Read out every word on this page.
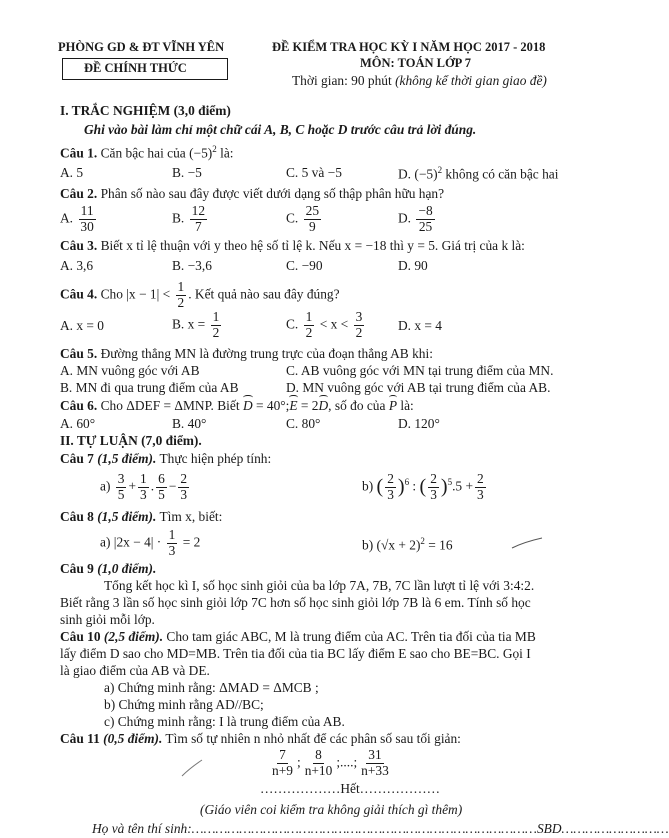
PHÒNG GD & ĐT VĨNH YÊN
ĐỀ CHÍNH THỨC
ĐỀ KIỂM TRA HỌC KỲ I NĂM HỌC 2017 - 2018
MÔN: TOÁN LỚP 7
Thời gian: 90 phút (không kể thời gian giao đề)
I. TRẮC NGHIỆM (3,0 điểm)
Ghi vào bài làm chỉ một chữ cái A, B, C hoặc D trước câu trả lời đúng.
Câu 1. Căn bậc hai của $(-5)^2$ là:
A. 5	B. −5	C. 5 và −5	D. $(-5)^2$ không có căn bậc hai
Câu 2. Phân số nào sau đây được viết dưới dạng số thập phân hữu hạn?
A. $\frac{11}{30}$	B. $\frac{12}{7}$	C. $\frac{25}{9}$	D. $\frac{-8}{25}$
Câu 3. Biết x tỉ lệ thuận với y theo hệ số tỉ lệ k. Nếu x = −18 thì y = 5. Giá trị của k là:
A. 3,6	B. −3,6	C. −90	D. 90
Câu 4. Cho $|x - 1| < \frac{1}{2}$ . Kết quả nào sau đây đúng?
A. x = 0	B. $x = \frac{1}{2}$	C. $\frac{1}{2} < x < \frac{3}{2}$	D. x = 4
Câu 5. Đường thẳng MN là đường trung trực của đoạn thẳng AB khi:
A. MN vuông góc với AB	C. AB vuông góc với MN tại trung điểm của MN.
B. MN đi qua trung điểm của AB	D. MN vuông góc với AB tại trung điểm của AB.
Câu 6. Cho ΔDEF = ΔMNP. Biết D = 40°;E = 2D, số đo của P là:
A. 60°	B. 40°	C. 80°	D. 120°
II. TỰ LUẬN (7,0 điểm).
Câu 7 (1,5 điểm). Thực hiện phép tính:
$a) \frac{3}{5} + \frac{1}{3}$ . $\frac{6}{5} - \frac{2}{3}$	b) ( $\frac{2}{3} )^6$ : ( $\frac{2}{3} )^5.5 + \frac{2}{3}$
Câu 8 (1,5 điểm). Tìm x, biết:
a) $|2x - 4| \cdot \frac{1}{3} = 2$	b) $(√x + 2)^2 = 16$
Câu 9 (1,0 điểm).
Tổng kết học kì I, số học sinh giỏi của ba lớp 7A, 7B, 7C lần lượt tỉ lệ với 3:4:2.
Biết rằng 3 lần số học sinh giỏi lớp 7C hơn số học sinh giỏi lớp 7B là 6 em. Tính số học
sinh giỏi mỗi lớp.
Câu 10 (2,5 điểm). Cho tam giác ABC, M là trung điểm của AC. Trên tia đối của tia MB
lấy điểm D sao cho MD=MB. Trên tia đối của tia BC lấy điểm E sao cho BE=BC. Gọi I
là giao điểm của AB và DE.
a) Chứng minh rằng: ΔMAD = ΔMCB ;
b) Chứng minh rằng AD//BC;
c) Chứng minh rằng: I là trung điểm của AB.
Câu 11 (0,5 điểm). Tìm số tự nhiên n nhỏ nhất để các phân số sau tối giản:
$\frac{7}{n+9}$ ; $\frac{8}{n+10}$ ;....; $\frac{31}{n+33}$
………………Hết………………
(Giáo viên coi kiểm tra không giải thích gì thêm)
Họ và tên thí sinh:……………………………………………………………………………SBD………………………
